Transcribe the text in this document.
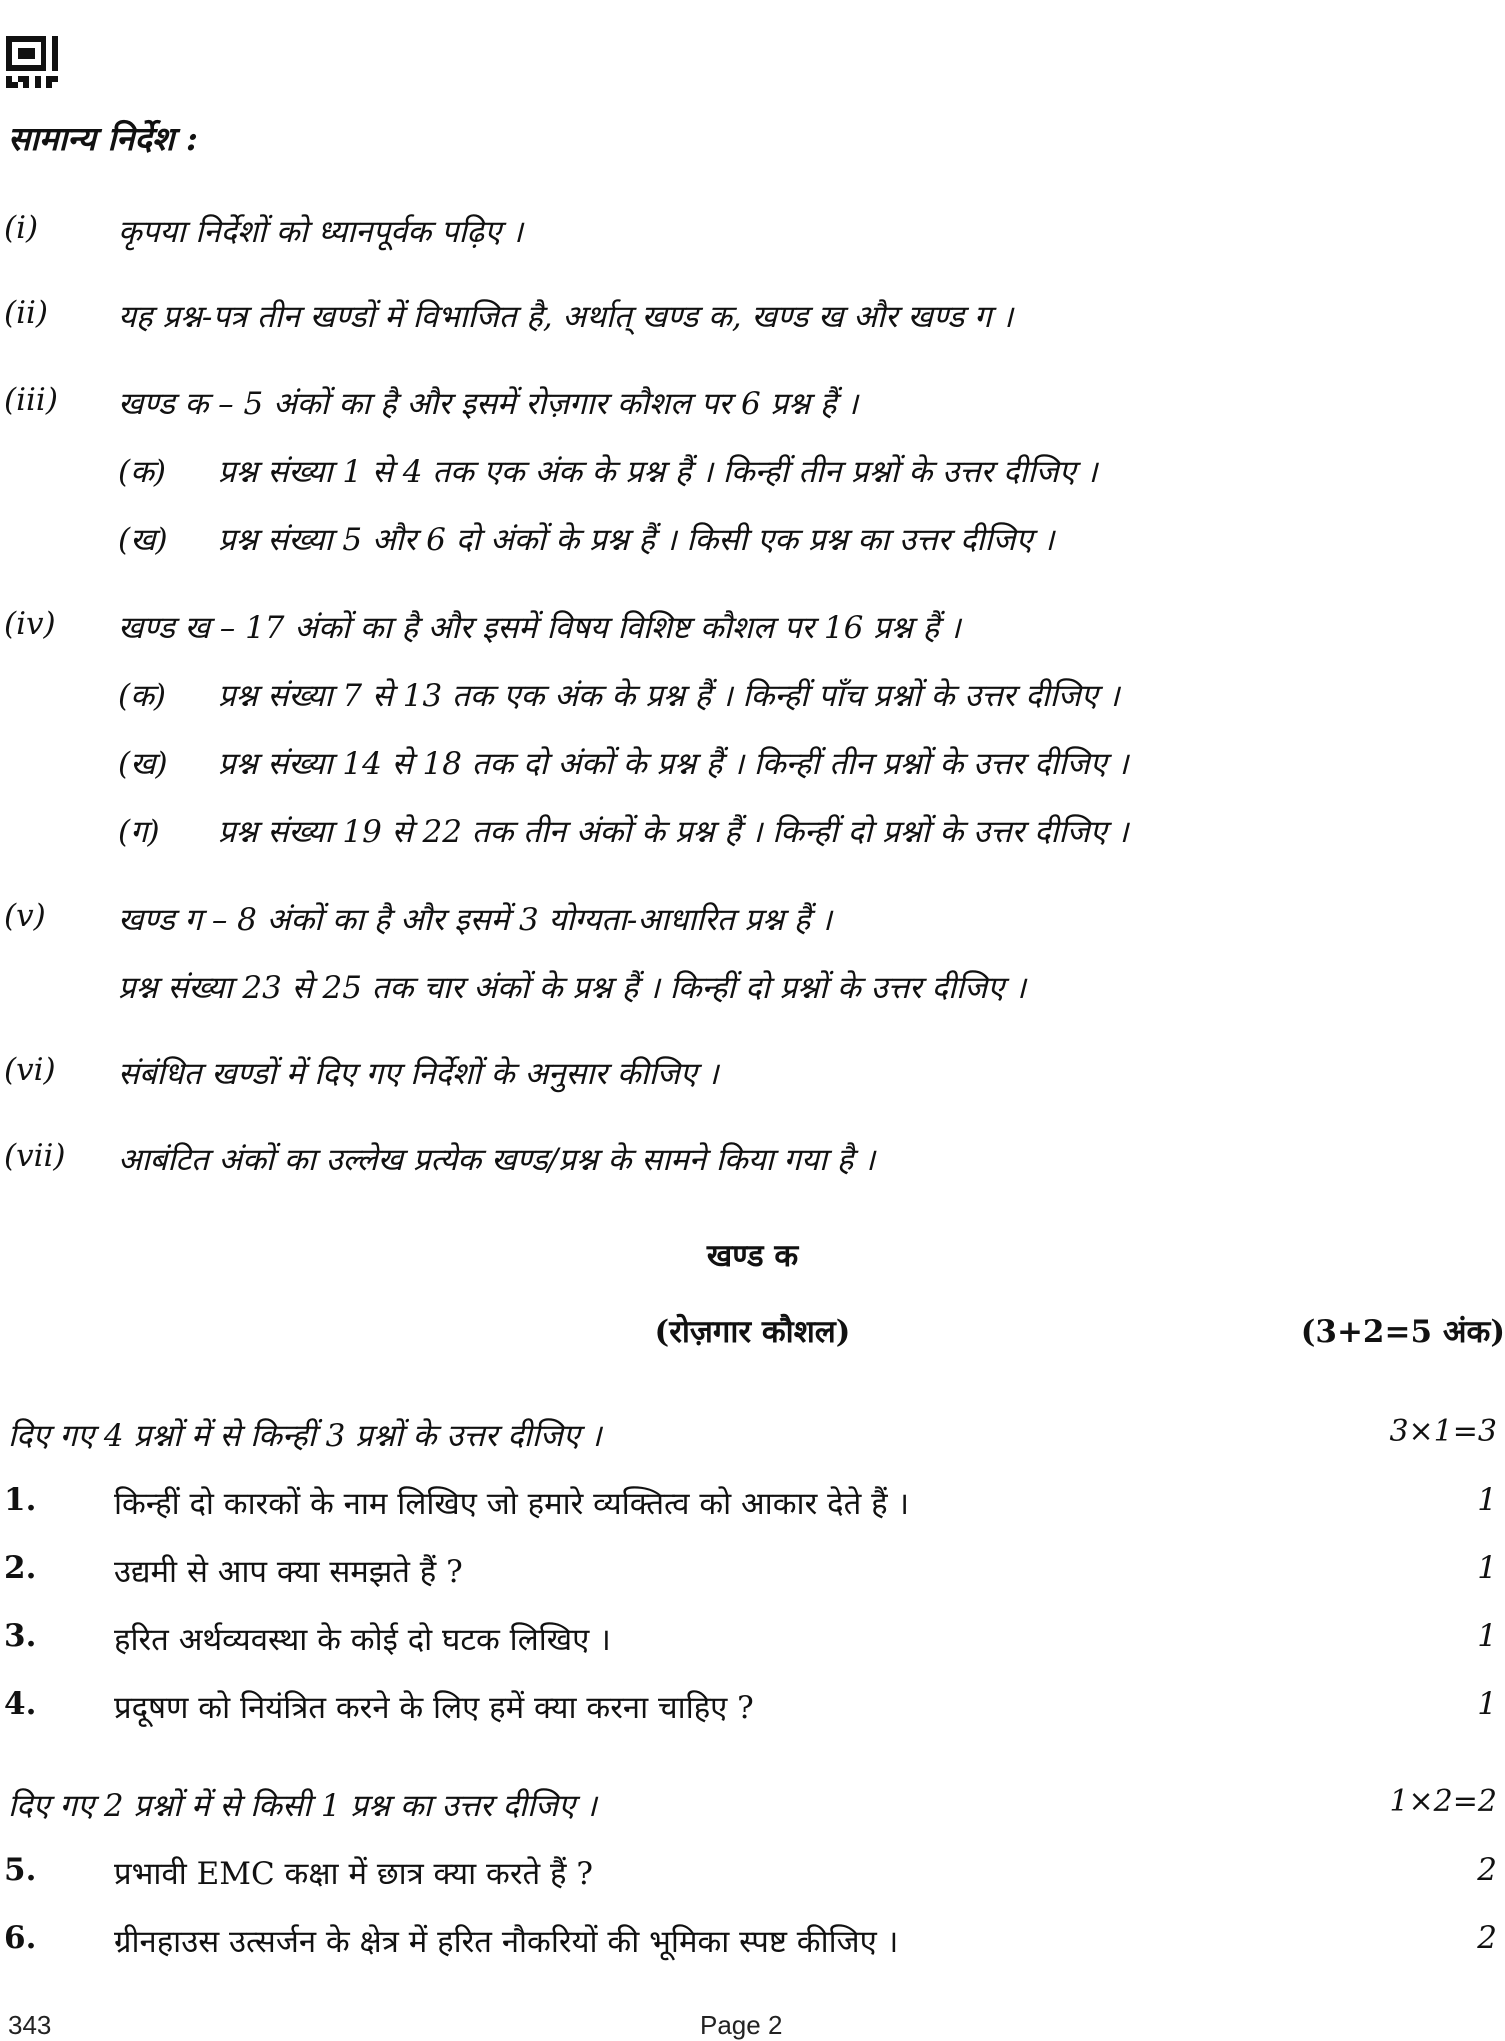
सामान्य निर्देश :
(i)	कृपया निर्देशों को ध्यानपूर्वक पढ़िए ।
(ii) यह प्रश्न-पत्र तीन खण्डों में विभाजित है, अर्थात् खण्ड क, खण्ड ख और खण्ड ग ।
(iii) खण्ड क – 5 अंकों का है और इसमें रोज़गार कौशल पर 6 प्रश्न हैं ।
(क) प्रश्न संख्या 1 से 4 तक एक अंक के प्रश्न हैं । किन्हीं तीन प्रश्नों के उत्तर दीजिए ।
(ख) प्रश्न संख्या 5 और 6 दो अंकों के प्रश्न हैं । किसी एक प्रश्न का उत्तर दीजिए ।
(iv) खण्ड ख – 17 अंकों का है और इसमें विषय विशिष्ट कौशल पर 16 प्रश्न हैं ।
(क) प्रश्न संख्या 7 से 13 तक एक अंक के प्रश्न हैं । किन्हीं पाँच प्रश्नों के उत्तर दीजिए ।
(ख) प्रश्न संख्या 14 से 18 तक दो अंकों के प्रश्न हैं । किन्हीं तीन प्रश्नों के उत्तर दीजिए ।
(ग) प्रश्न संख्या 19 से 22 तक तीन अंकों के प्रश्न हैं । किन्हीं दो प्रश्नों के उत्तर दीजिए ।
(v) खण्ड ग – 8 अंकों का है और इसमें 3 योग्यता-आधारित प्रश्न हैं ।
प्रश्न संख्या 23 से 25 तक चार अंकों के प्रश्न हैं । किन्हीं दो प्रश्नों के उत्तर दीजिए ।
(vi) संबंधित खण्डों में दिए गए निर्देशों के अनुसार कीजिए ।
(vii) आबंटित अंकों का उल्लेख प्रत्येक खण्ड/प्रश्न के सामने किया गया है ।
खण्ड क
(रोज़गार कौशल)	(3+2=5 अंक)
दिए गए 4 प्रश्नों में से किन्हीं 3 प्रश्नों के उत्तर दीजिए ।	3×1=3
1.	किन्हीं दो कारकों के नाम लिखिए जो हमारे व्यक्तित्व को आकार देते हैं ।	1
2.	उद्यमी से आप क्या समझते हैं ?	1
3.	हरित अर्थव्यवस्था के कोई दो घटक लिखिए ।	1
4.	प्रदूषण को नियंत्रित करने के लिए हमें क्या करना चाहिए ?	1
दिए गए 2 प्रश्नों में से किसी 1 प्रश्न का उत्तर दीजिए ।	1×2=2
5.	प्रभावी EMC कक्षा में छात्र क्या करते हैं ?	2
6.	ग्रीनहाउस उत्सर्जन के क्षेत्र में हरित नौकरियों की भूमिका स्पष्ट कीजिए ।	2
343	Page 2
